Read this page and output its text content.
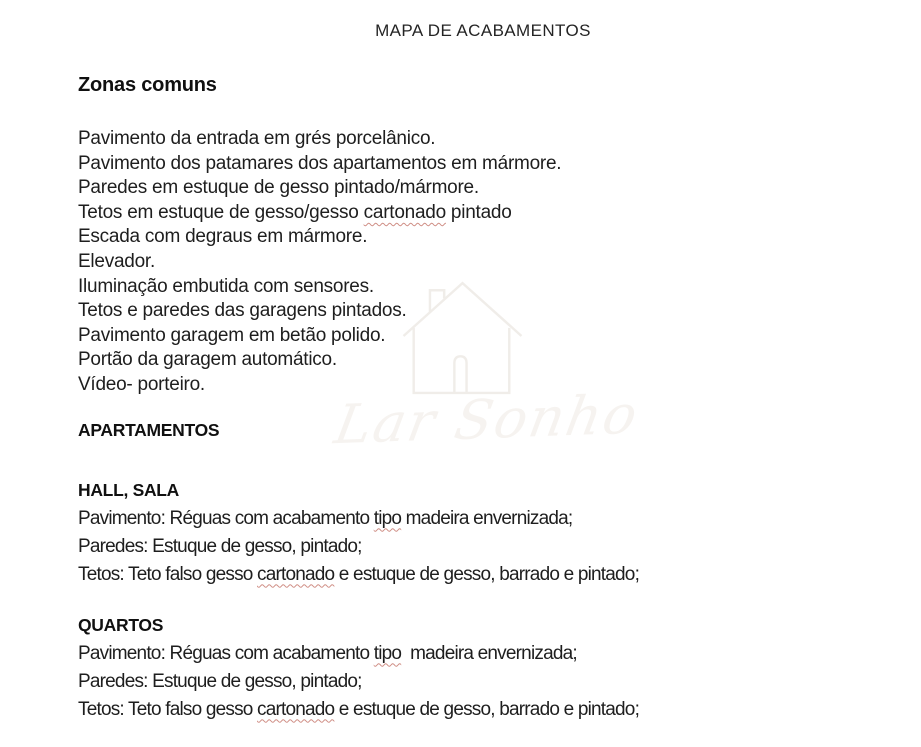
Lar Sonho
MAPA DE ACABAMENTOS
Zonas comuns

Pavimento da entrada em grés porcelânico.

Pavimento dos patamares dos apartamentos em mármore.

Paredes em estuque de gesso pintado/mármore.

Tetos em estuque de gesso/gesso cartonado pintado

Escada com degraus em mármore.

Elevador.

Iluminação embutida com sensores.

Tetos e paredes das garagens pintados.

Pavimento garagem em betão polido.

Portão da garagem automático.

Vídeo- porteiro.

APARTAMENTOS
HALL, SALA

Pavimento: Réguas com acabamento tipo madeira envernizada;

Paredes: Estuque de gesso, pintado;

Tetos: Teto falso gesso cartonado e estuque de gesso, barrado e pintado;

QUARTOS

Pavimento: Réguas com acabamento tipo  madeira envernizada;

Paredes: Estuque de gesso, pintado;

Tetos: Teto falso gesso cartonado e estuque de gesso, barrado e pintado;
